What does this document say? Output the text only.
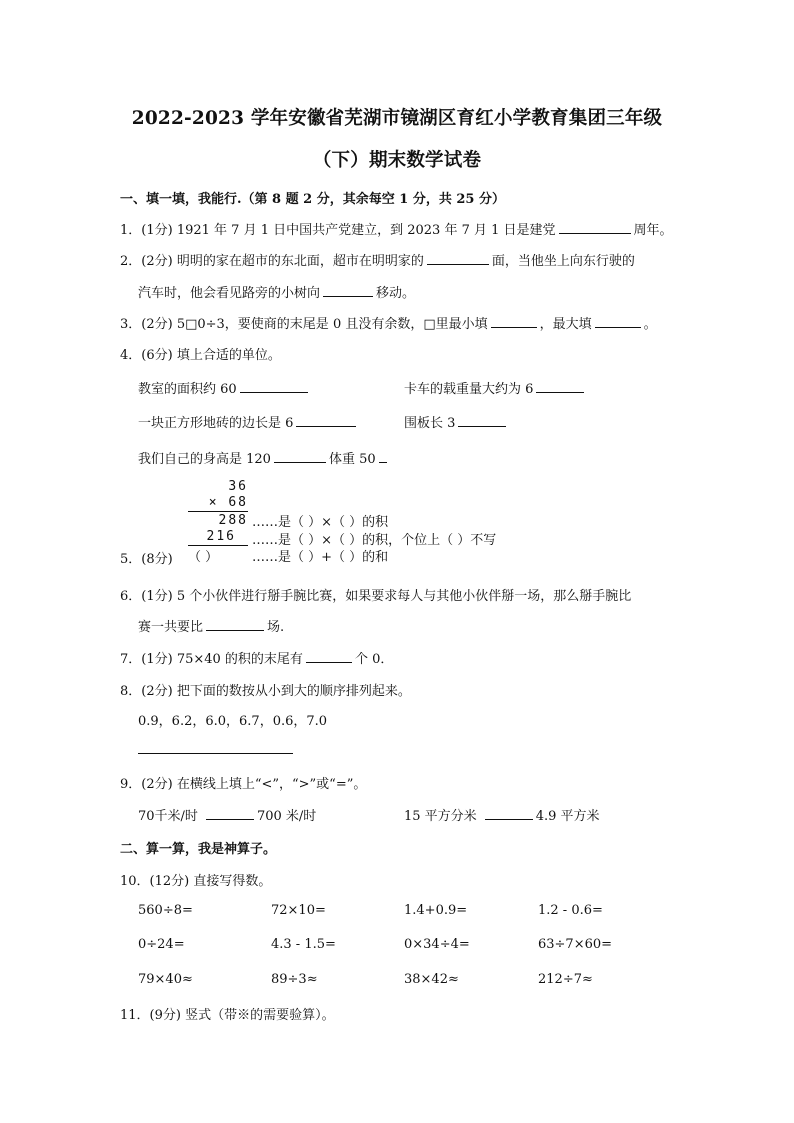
2022-2023 学年安徽省芜湖市镜湖区育红小学教育集团三年级
（下）期末数学试卷
一、填一填，我能行.（第 8 题 2 分，其余每空 1 分，共 25 分）
1．(1分) 1921 年 7 月 1 日中国共产党建立，到 2023 年 7 月 1 日是建党	周年。
2．(2分) 明明的家在超市的东北面，超市在明明家的	面，当他坐上向东行驶的
汽车时，他会看见路旁的小树向	移动。
3．(2分) 5□0÷3，要使商的末尾是 0 且没有余数，□里最小填	，最大填	。
4．(6分) 填上合适的单位。
教室的面积约 60	卡车的载重量大约为 6
一块正方形地砖的边长是 6	围板长 3
我们自己的身高是 120	体重 50
36
× 68
288 ……是（ ）×（ ）的积
216 ……是（ ）×（ ）的积，个位上（ ）不写
5．(8分) （ ）	……是（ ）+（ ）的和
6．(1分) 5 个小伙伴进行掰手腕比赛，如果要求每人与其他小伙伴掰一场，那么掰手腕比
赛一共要比	场.
7．(1分) 75×40 的积的末尾有	个 0．
8．(2分) 把下面的数按从小到大的顺序排列起来。
0.9，6.2，6.0，6.7，0.6，7.0
9．(2分) 在横线上填上“<”，“>”或“=”。
70千米/时	700 米/时	15 平方分米	4.9 平方米
二、算一算，我是神算子。
10．(12分) 直接写得数。
560÷8=	72×10=	1.4+0.9=	1.2 - 0.6=
0÷24=	4.3 - 1.5=	0×34÷4=	63÷7×60=
79×40≈	89÷3≈	38×42≈	212÷7≈
11．(9分) 竖式（带※的需要验算）。
